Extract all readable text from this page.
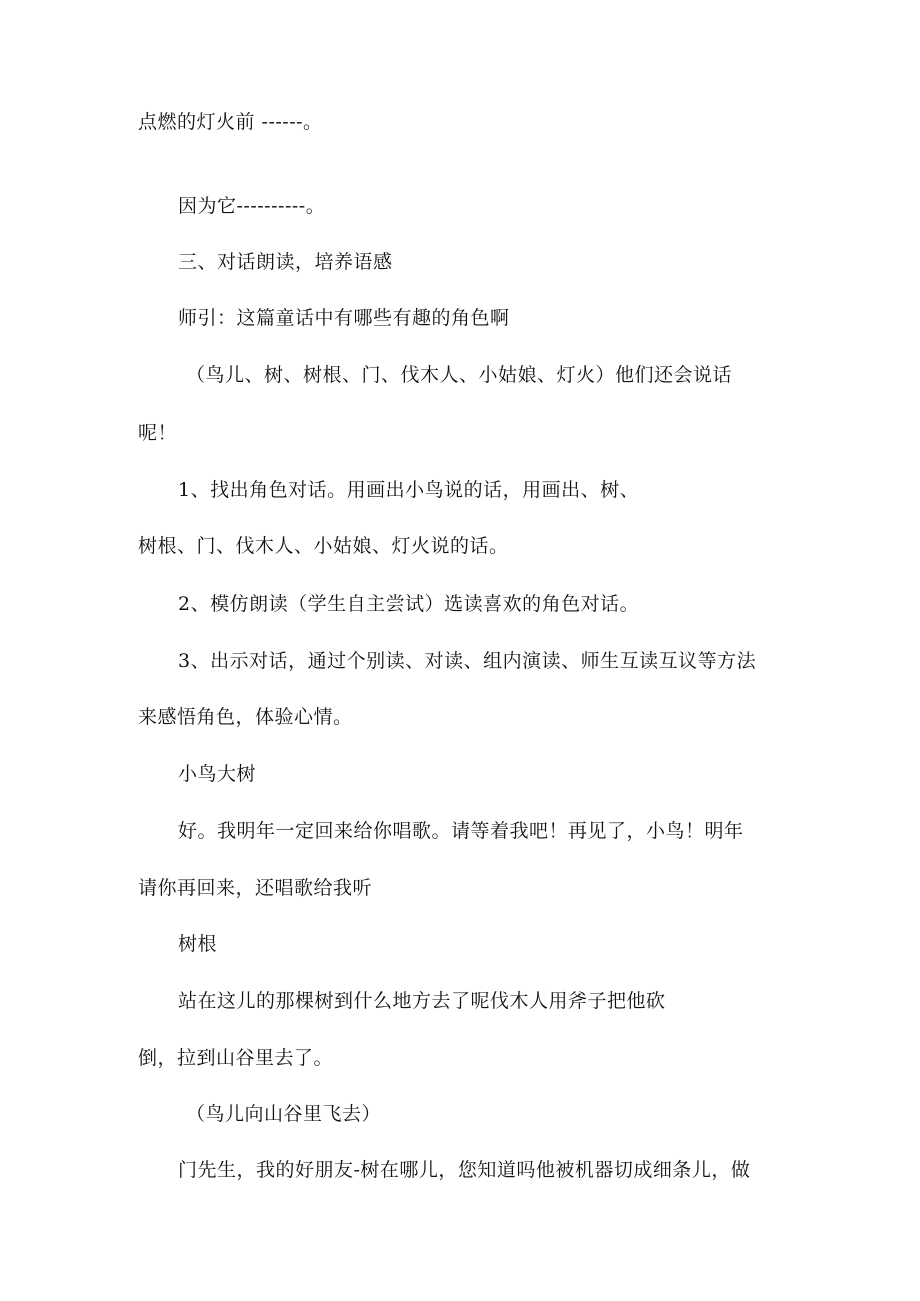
点燃的灯火前 ------。
因为它----------。
三、对话朗读，培养语感
师引：这篇童话中有哪些有趣的角色啊
（鸟儿、树、树根、门、伐木人、小姑娘、灯火）他们还会说话
呢！
1、找出角色对话。用画出小鸟说的话，用画出、树、
树根、门、伐木人、小姑娘、灯火说的话。
2、模仿朗读（学生自主尝试）选读喜欢的角色对话。
3、出示对话，通过个别读、对读、组内演读、师生互读互议等方法
来感悟角色，体验心情。
小鸟大树
好。我明年一定回来给你唱歌。请等着我吧！再见了，小鸟！明年
请你再回来，还唱歌给我听
树根
站在这儿的那棵树到什么地方去了呢伐木人用斧子把他砍
倒，拉到山谷里去了。
（鸟儿向山谷里飞去）
门先生，我的好朋友-树在哪儿，您知道吗他被机器切成细条儿，做
